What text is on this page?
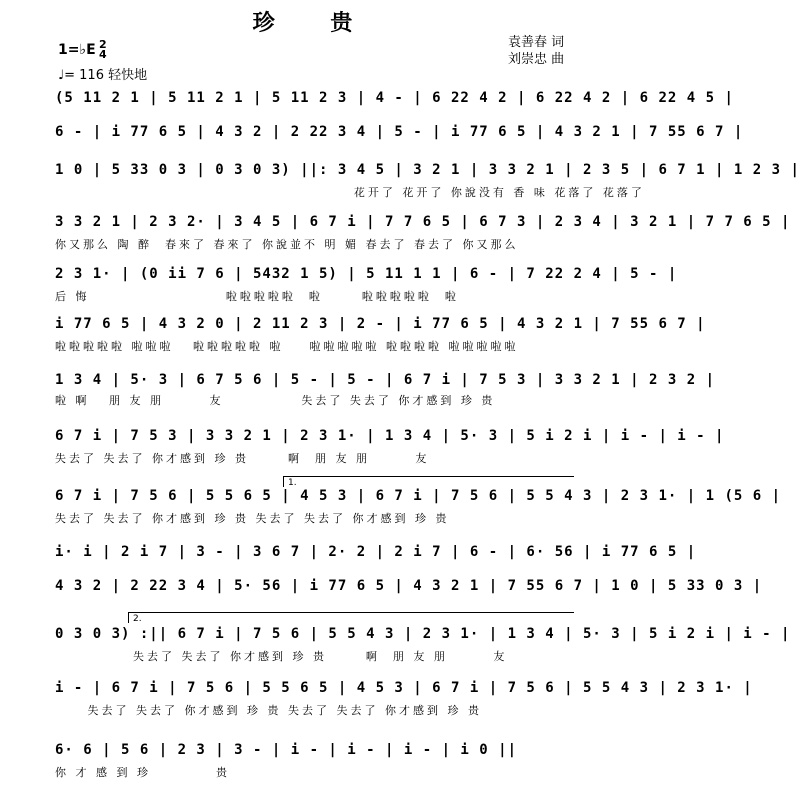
珍 贵
袁善春 词
刘崇忠 曲
1=♭E 2
4
♩= 116 轻快地
(5 11 2 1 | 5 11 2 1 | 5 11 2 3 | 4 - | 6 22 4 2 | 6 22 4 2 | 6 22 4 5 |
6 - | i 77 6 5 | 4 3 2 | 2 22 3 4 | 5 - | i 77 6 5 | 4 3 2 1 | 7 55 6 7 |
1 0 | 5 33 0 3 | 0 3 0 3) ||: 3 4 5 | 3 2 1 | 3 3 2 1 | 2 3 5 | 6 7 1 | 1 2 3 |
花开了 花开了 你說没有 香 味 花落了 花落了
3 3 2 1 | 2 3 2· | 3 4 5 | 6 7 i | 7 7 6 5 | 6 7 3 | 2 3 4 | 3 2 1 | 7 7 6 5 |
你又那么 陶 醉  春來了 春來了 你說並不 明 媚 春去了 春去了 你又那么
2 3 1· | (0 ii 7 6 | 5432 1 5) | 5 11 1 1 | 6 - | 7 22 2 4 | 5 - |
后 悔                     啦啦啦啦啦  啦      啦啦啦啦啦  啦
i 77 6 5 | 4 3 2 0 | 2 11 2 3 | 2 - | i 77 6 5 | 4 3 2 1 | 7 55 6 7 |
啦啦啦啦啦 啦啦啦   啦啦啦啦啦 啦    啦啦啦啦啦 啦啦啦啦 啦啦啦啦啦
1 3 4 | 5· 3 | 6 7 5 6 | 5 - | 5 - | 6 7 i | 7 5 3 | 3 3 2 1 | 2 3 2 |
啦 啊   朋 友 朋       友            失去了 失去了 你才感到 珍 贵
6 7 i | 7 5 3 | 3 3 2 1 | 2 3 1· | 1 3 4 | 5· 3 | 5 i 2 i | i - | i - |
失去了 失去了 你才感到 珍 贵      啊  朋 友 朋       友
1.
6 7 i | 7 5 6 | 5 5 6 5 | 4 5 3 | 6 7 i | 7 5 6 | 5 5 4 3 | 2 3 1· | 1 (5 6 |
失去了 失去了 你才感到 珍 贵 失去了 失去了 你才感到 珍 贵
i· i | 2 i 7 | 3 - | 3 6 7 | 2· 2 | 2 i 7 | 6 - | 6· 56 | i 77 6 5 |
4 3 2 | 2 22 3 4 | 5· 56 | i 77 6 5 | 4 3 2 1 | 7 55 6 7 | 1 0 | 5 33 0 3 |
2.
0 3 0 3) :|| 6 7 i | 7 5 6 | 5 5 4 3 | 2 3 1· | 1 3 4 | 5· 3 | 5 i 2 i | i - |
失去了 失去了 你才感到 珍 贵      啊  朋 友 朋       友
i - | 6 7 i | 7 5 6 | 5 5 6 5 | 4 5 3 | 6 7 i | 7 5 6 | 5 5 4 3 | 2 3 1· |
失去了 失去了 你才感到 珍 贵 失去了 失去了 你才感到 珍 贵
6· 6 | 5 6 | 2 3 | 3 - | i - | i - | i - | i 0 ||
你 才 感 到 珍          贵
